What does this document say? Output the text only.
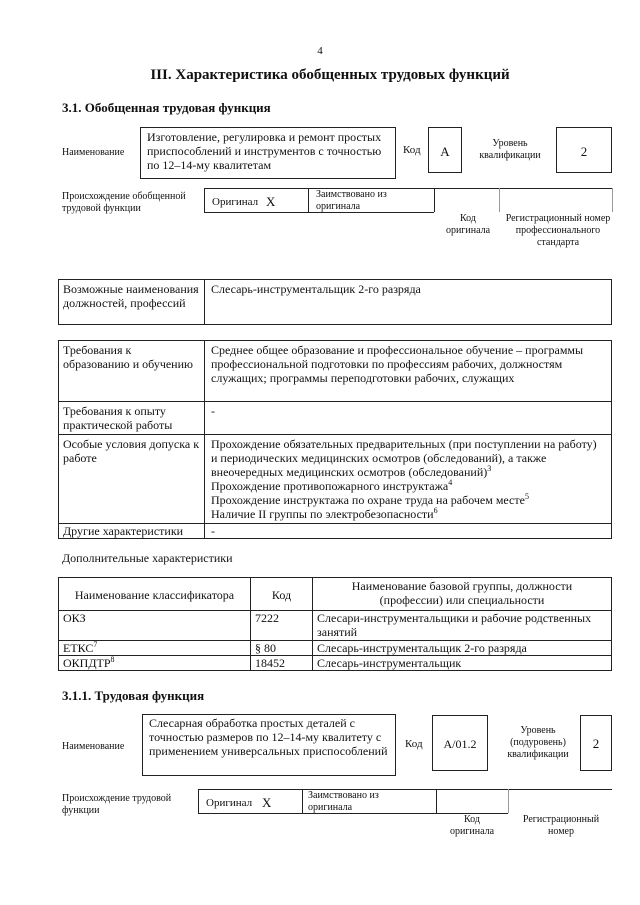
4
III. Характеристика обобщенных трудовых функций
3.1. Обобщенная трудовая функция
Наименование
Изготовление, регулировка и ремонт простых приспособлений и инструментов с точностью по 12–14-му квалитетам
Код	А
Уровень квалификации	2
Происхождение обобщенной трудовой функции
Оригинал X	Заимствовано из оригинала
Код оригинала
Регистрационный номер профессионального стандарта
Возможные наименования должностей, профессий	Слесарь-инструментальщик 2-го разряда
Требования к образованию и обучению	Среднее общее образование и профессиональное обучение – программы профессиональной подготовки по профессиям рабочих, должностям служащих; программы переподготовки рабочих, служащих
Требования к опыту практической работы	-
Особые условия допуска к работе	Прохождение обязательных предварительных (при поступлении на работу) и периодических медицинских осмотров (обследований), а также внеочередных медицинских осмотров (обследований)$^3$
Прохождение противопожарного инструктажа$^4$
Прохождение инструктажа по охране труда на рабочем месте$^5$
Наличие II группы по электробезопасности$^6$

Другие характеристики	-
Дополнительные характеристики
Наименование классификатора	Код	Наименование базовой группы, должности (профессии) или специальности
ОКЗ	7222	Слесари-инструментальщики и рабочие родственных занятий
ЕТКС$^7$	§ 80	Слесарь-инструментальщик 2-го разряда
ОКПДТР$^8$	18452	Слесарь-инструментальщик
3.1.1. Трудовая функция
Наименование
Слесарная обработка простых деталей с точностью размеров по 12–14-му квалитету с применением универсальных приспособлений	Код	A/01.2
Уровень (подуровень) квалификации
2
Происхождение трудовой функции
Оригинал X	Заимствовано из оригинала
Код оригинала
Регистрационный номер
